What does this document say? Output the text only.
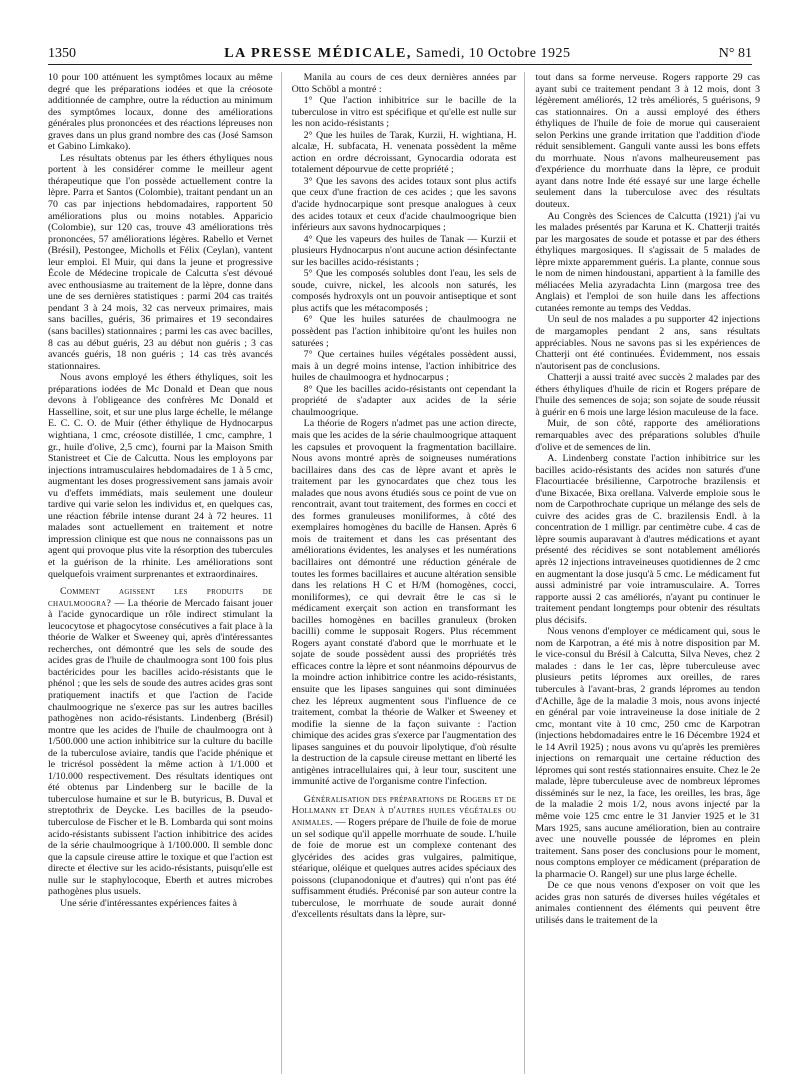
1350	LA PRESSE MÉDICALE, Samedi, 10 Octobre 1925	N° 81

10 pour 100 atténuent les symptômes locaux au même degré que les préparations iodées et que la créosote additionnée de camphre, outre la réduction au minimum des symptômes locaux, donne des améliorations générales plus prononcées et des réactions lépreuses non graves dans un plus grand nombre des cas (José Samson et Gabino Limkako).

Les résultats obtenus par les éthers éthyliques nous portent à les considérer comme le meilleur agent thérapeutique que l'on possède actuellement contre la lèpre. Parra et Santos (Colombie), traitant pendant un an 70 cas par injections hebdomadaires, rapportent 50 améliorations plus ou moins notables. Apparicio (Colombie), sur 120 cas, trouve 43 améliorations très prononcées, 57 améliorations légères. Rabello et Vernet (Brésil), Pestongee, Micholls et Félix (Ceylan), vantent leur emploi. El Muir, qui dans la jeune et progressive École de Médecine tropicale de Calcutta s'est dévoué avec enthousiasme au traitement de la lèpre, donne dans une de ses dernières statistiques : parmi 204 cas traités pendant 3 à 24 mois, 32 cas nerveux primaires, mais sans bacilles, guéris, 36 primaires et 19 secondaires (sans bacilles) stationnaires ; parmi les cas avec bacilles, 8 cas au début guéris, 23 au début non guéris ; 3 cas avancés guéris, 18 non guéris ; 14 cas très avancés stationnaires.

Nous avons employé les éthers éthyliques, soit les préparations iodées de Mc Donald et Dean que nous devons à l'obligeance des confrères Mc Donald et Hasselline, soit, et sur une plus large échelle, le mélange E. C. C. O. de Muir (éther éthylique de Hydnocarpus wightiana, 1 cmc, créosote distillée, 1 cmc, camphre, 1 gr., huile d'olive, 2,5 cmc), fourni par la Maison Smith Stanistreet et Cie de Calcutta. Nous les employons par injections intramusculaires hebdomadaires de 1 à 5 cmc, augmentant les doses progressivement sans jamais avoir vu d'effets immédiats, mais seulement une douleur tardive qui varie selon les individus et, en quelques cas, une réaction fébrile intense durant 24 à 72 heures. 11 malades sont actuellement en traitement et notre impression clinique est que nous ne connaissons pas un agent qui provoque plus vite la résorption des tubercules et la guérison de la rhinite. Les améliorations sont quelquefois vraiment surprenantes et extraordinaires.

Comment agissent les produits de chaulmoogra? — La théorie de Mercado faisant jouer à l'acide gynocardique un rôle indirect stimulant la leucocytose et phagocytose consécutives a fait place à la théorie de Walker et Sweeney qui, après d'intéressantes recherches, ont démontré que les sels de soude des acides gras de l'huile de chaulmoogra sont 100 fois plus bactéricides pour les bacilles acido-résistants que le phénol ; que les sels de soude des autres acides gras sont pratiquement inactifs et que l'action de l'acide chaulmoogrique ne s'exerce pas sur les autres bacilles pathogènes non acido-résistants. Lindenberg (Brésil) montre que les acides de l'huile de chaulmoogra ont à 1/500.000 une action inhibitrice sur la culture du bacille de la tuberculose aviaire, tandis que l'acide phénique et le tricrésol possèdent la même action à 1/1.000 et 1/10.000 respectivement. Des résultats identiques ont été obtenus par Lindenberg sur le bacille de la tuberculose humaine et sur le B. butyricus, B. Duval et streptothrix de Deycke. Les bacilles de la pseudo-tuberculose de Fischer et le B. Lombarda qui sont moins acido-résistants subissent l'action inhibitrice des acides de la série chaulmoogrique à 1/100.000. Il semble donc que la capsule cireuse attire le toxique et que l'action est directe et élective sur les acido-résistants, puisqu'elle est nulle sur le staphylocoque, Eberth et autres microbes pathogènes plus usuels.

Une série d'intéressantes expériences faites à

Manila au cours de ces deux dernières années par Otto Schöbl a montré :

1° Que l'action inhibitrice sur le bacille de la tuberculose in vitro est spécifique et qu'elle est nulle sur les non acido-résistants ;

2° Que les huiles de Tarak, Kurzii, H. wightiana, H. alcalæ, H. subfacata, H. venenata possèdent la même action en ordre décroissant, Gynocardia odorata est totalement dépourvue de cette propriété ;

3° Que les savons des acides totaux sont plus actifs que ceux d'une fraction de ces acides ; que les savons d'acide hydnocarpique sont presque analogues à ceux des acides totaux et ceux d'acide chaulmoogrique bien inférieurs aux savons hydnocarpiques ;

4° Que les vapeurs des huiles de Tanak — Kurzii et plusieurs Hydnocarpus n'ont aucune action désinfectante sur les bacilles acido-résistants ;

5° Que les composés solubles dont l'eau, les sels de soude, cuivre, nickel, les alcools non saturés, les composés hydroxyls ont un pouvoir antiseptique et sont plus actifs que les métacomposés ;

6° Que les huiles saturées de chaulmoogra ne possèdent pas l'action inhibitoire qu'ont les huiles non saturées ;

7° Que certaines huiles végétales possèdent aussi, mais à un degré moins intense, l'action inhibitrice des huiles de chaulmoogra et hydnocarpus ;

8° Que les bacilles acido-résistants ont cependant la propriété de s'adapter aux acides de la série chaulmoogrique.

La théorie de Rogers n'admet pas une action directe, mais que les acides de la série chaulmoogrique attaquent les capsules et provoquent la fragmentation bacillaire. Nous avons montré après de soigneuses numérations bacillaires dans des cas de lèpre avant et après le traitement par les gynocardates que chez tous les malades que nous avons étudiés sous ce point de vue on rencontrait, avant tout traitement, des formes en cocci et des formes granuleuses moniliformes, à côté des exemplaires homogènes du bacille de Hansen. Après 6 mois de traitement et dans les cas présentant des améliorations évidentes, les analyses et les numérations bacillaires ont démontré une réduction générale de toutes les formes bacillaires et aucune altération sensible dans les relations H C et H/M (homogènes, cocci, moniliformes), ce qui devrait être le cas si le médicament exerçait son action en transformant les bacilles homogènes en bacilles granuleux (broken bacilli) comme le supposait Rogers. Plus récemment Rogers ayant constaté d'abord que le morrhuate et le sojate de soude possèdent aussi des propriétés très efficaces contre la lèpre et sont néanmoins dépourvus de la moindre action inhibitrice contre les acido-résistants, ensuite que les lipases sanguines qui sont diminuées chez les lépreux augmentent sous l'influence de ce traitement, combat la théorie de Walker et Sweeney et modifie la sienne de la façon suivante : l'action chimique des acides gras s'exerce par l'augmentation des lipases sanguines et du pouvoir lipolytique, d'où résulte la destruction de la capsule cireuse mettant en liberté les antigènes intracellulaires qui, à leur tour, suscitent une immunité active de l'organisme contre l'infection.

Généralisation des préparations de Rogers et de Hollmann et Dean à d'autres huiles végétales ou animales. — Rogers prépare de l'huile de foie de morue un sel sodique qu'il appelle morrhuate de soude. L'huile de foie de morue est un complexe contenant des glycérides des acides gras vulgaires, palmitique, stéarique, oléique et quelques autres acides spéciaux des poissons (clupanodonique et d'autres) qui n'ont pas été suffisamment étudiés. Préconisé par son auteur contre la tuberculose, le morrhuate de soude aurait donné d'excellents résultats dans la lèpre, sur-

tout dans sa forme nerveuse. Rogers rapporte 29 cas ayant subi ce traitement pendant 3 à 12 mois, dont 3 légèrement améliorés, 12 très améliorés, 5 guérisons, 9 cas stationnaires. On a aussi employé des éthers éthyliques de l'huile de foie de morue qui causeraient selon Perkins une grande irritation que l'addition d'iode réduit sensiblement. Ganguli vante aussi les bons effets du morrhuate. Nous n'avons malheureusement pas d'expérience du morrhuate dans la lèpre, ce produit ayant dans notre Inde été essayé sur une large échelle seulement dans la tuberculose avec des résultats douteux.

Au Congrès des Sciences de Calcutta (1921) j'ai vu les malades présentés par Karuna et K. Chatterji traités par les margosates de soude et potasse et par des éthers éthyliques margosiques. Il s'agissait de 5 malades de lèpre mixte apparemment guéris. La plante, connue sous le nom de nimen hindoustani, appartient à la famille des méliacées Melia azyradachta Linn (margosa tree des Anglais) et l'emploi de son huile dans les affections cutanées remonte au temps des Veddas.

Un seul de nos malades a pu supporter 42 injections de margamoples pendant 2 ans, sans résultats appréciables. Nous ne savons pas si les expériences de Chatterji ont été continuées. Évidemment, nos essais n'autorisent pas de conclusions.

Chatterji a aussi traité avec succès 2 malades par des éthers éthyliques d'huile de ricin et Rogers prépare de l'huile des semences de soja; son sojate de soude réussit à guérir en 6 mois une large lésion maculeuse de la face.

Muir, de son côté, rapporte des améliorations remarquables avec des préparations solubles d'huile d'olive et de semences de lin.

A. Lindenberg constate l'action inhibitrice sur les bacilles acido-résistants des acides non saturés d'une Flacourtiacée brésilienne, Carpotroche brazilensis et d'une Bixacée, Bixa orellana. Valverde emploie sous le nom de Carpothrochate cuprique un mélange des sels de cuivre des acides gras de C. brazilensis Endl. à la concentration de 1 milligr. par centimètre cube. 4 cas de lèpre soumis auparavant à d'autres médications et ayant présenté des récidives se sont notablement améliorés après 12 injections intraveineuses quotidiennes de 2 cmc en augmentant la dose jusqu'à 5 cmc. Le médicament fut aussi administré par voie intramusculaire. A. Torres rapporte aussi 2 cas améliorés, n'ayant pu continuer le traitement pendant longtemps pour obtenir des résultats plus décisifs.

Nous venons d'employer ce médicament qui, sous le nom de Karpotran, a été mis à notre disposition par M. le vice-consul du Brésil à Calcutta, Silva Neves, chez 2 malades : dans le 1er cas, lèpre tuberculeuse avec plusieurs petits lépromes aux oreilles, de rares tubercules à l'avant-bras, 2 grands lépromes au tendon d'Achille, âge de la maladie 3 mois, nous avons injecté en général par voie intraveineuse la dose initiale de 2 cmc, montant vite à 10 cmc, 250 cmc de Karpotran (injections hebdomadaires entre le 16 Décembre 1924 et le 14 Avril 1925) ; nous avons vu qu'après les premières injections on remarquait une certaine réduction des lépromes qui sont restés stationnaires ensuite. Chez le 2e malade, lèpre tuberculeuse avec de nombreux lépromes disséminés sur le nez, la face, les oreilles, les bras, âge de la maladie 2 mois 1/2, nous avons injecté par la même voie 125 cmc entre le 31 Janvier 1925 et le 31 Mars 1925, sans aucune amélioration, bien au contraire avec une nouvelle poussée de lépromes en plein traitement. Sans poser des conclusions pour le moment, nous comptons employer ce médicament (préparation de la pharmacie O. Rangel) sur une plus large échelle.

De ce que nous venons d'exposer on voit que les acides gras non saturés de diverses huiles végétales et animales contiennent des éléments qui peuvent être utilisés dans le traitement de la
